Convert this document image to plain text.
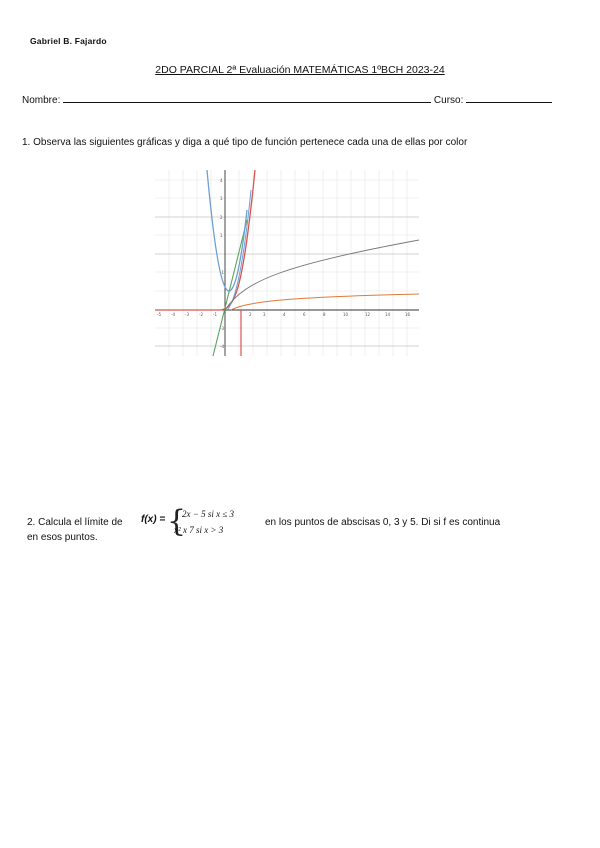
Gabriel B. Fajardo
2DO PARCIAL 2ª Evaluación MATEMÁTICAS 1ºBCH 2023-24
Nombre:	Curso:
1. Observa las siguientes gráficas y diga a qué tipo de función pertenece cada una de ellas por color
-5	-4	-3	-2	-1	2	3	4	6	8	10	12	14	16
4
3
2
1
-1
-3
-4
2. Calcula el límite de f(x) = {
2x − 5 si x ≤ 3
x² x 7 si x > 3
en los puntos de abscisas 0, 3 y 5. Di si f es continua
en esos puntos.
